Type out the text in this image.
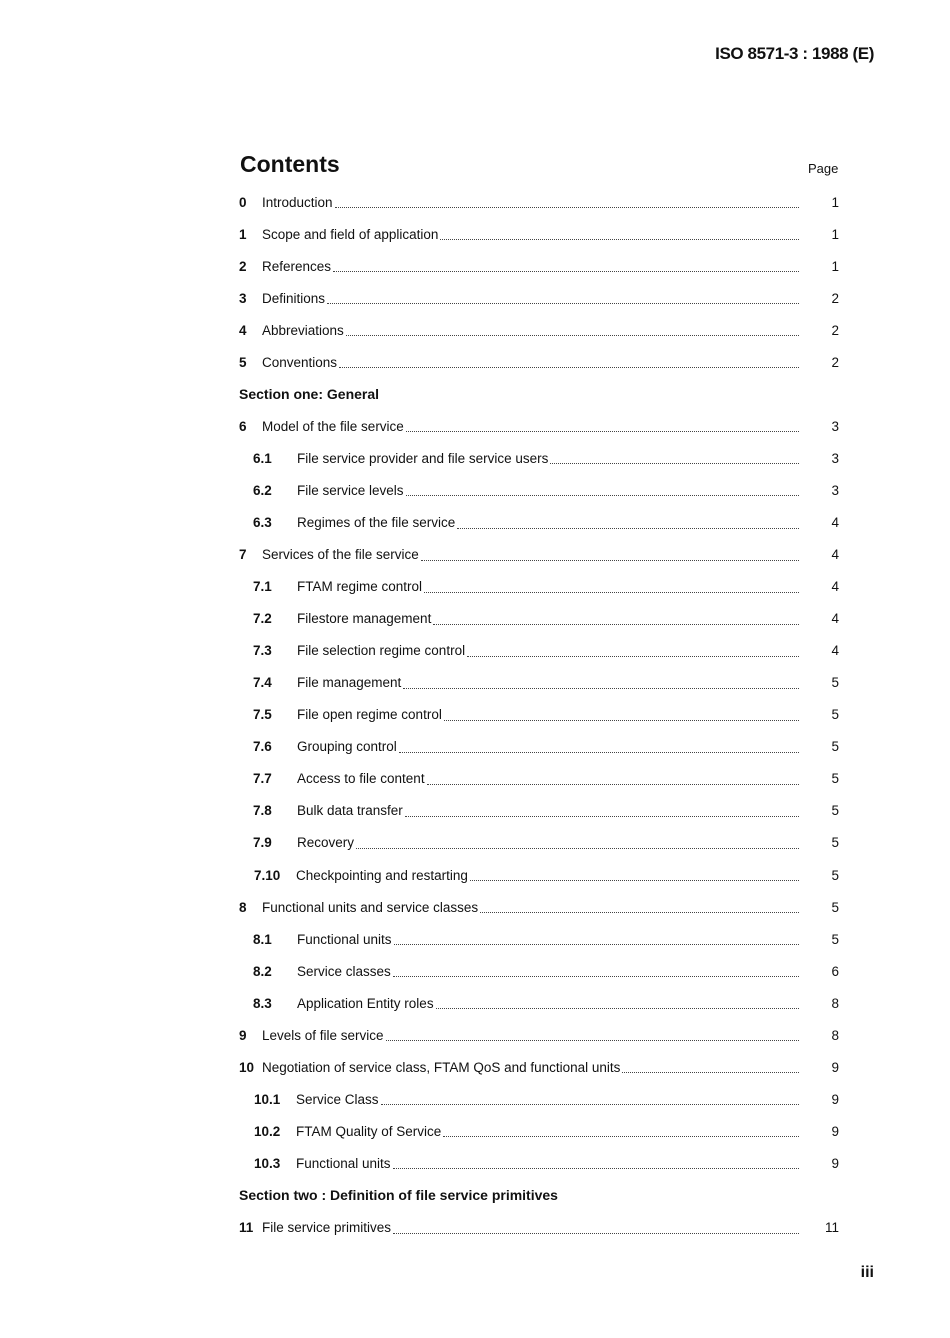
ISO 8571-3 : 1988 (E)
Contents	Page
0	Introduction	1
1	Scope and field of application	1
2	References	1
3	Definitions	2
4	Abbreviations	2
5	Conventions	2
Section one: General
6	Model of the file service	3
6.1	File service provider and file service users	3
6.2	File service levels	3
6.3	Regimes of the file service	4
7	Services of the file service	4
7.1	FTAM regime control	4
7.2	Filestore management	4
7.3	File selection regime control	4
7.4	File management	5
7.5	File open regime control	5
7.6	Grouping control	5
7.7	Access to file content	5
7.8	Bulk data transfer	5
7.9	Recovery	5
7.10	Checkpointing and restarting	5
8	Functional units and service classes	5
8.1	Functional units	5
8.2	Service classes	6
8.3	Application Entity roles	8
9	Levels of file service	8
10 Negotiation of service class, FTAM QoS and functional units	9
10.1	Service Class	9
10.2	FTAM Quality of Service	9
10.3	Functional units	9
Section two : Definition of file service primitives
11 File service primitives	11
iii
